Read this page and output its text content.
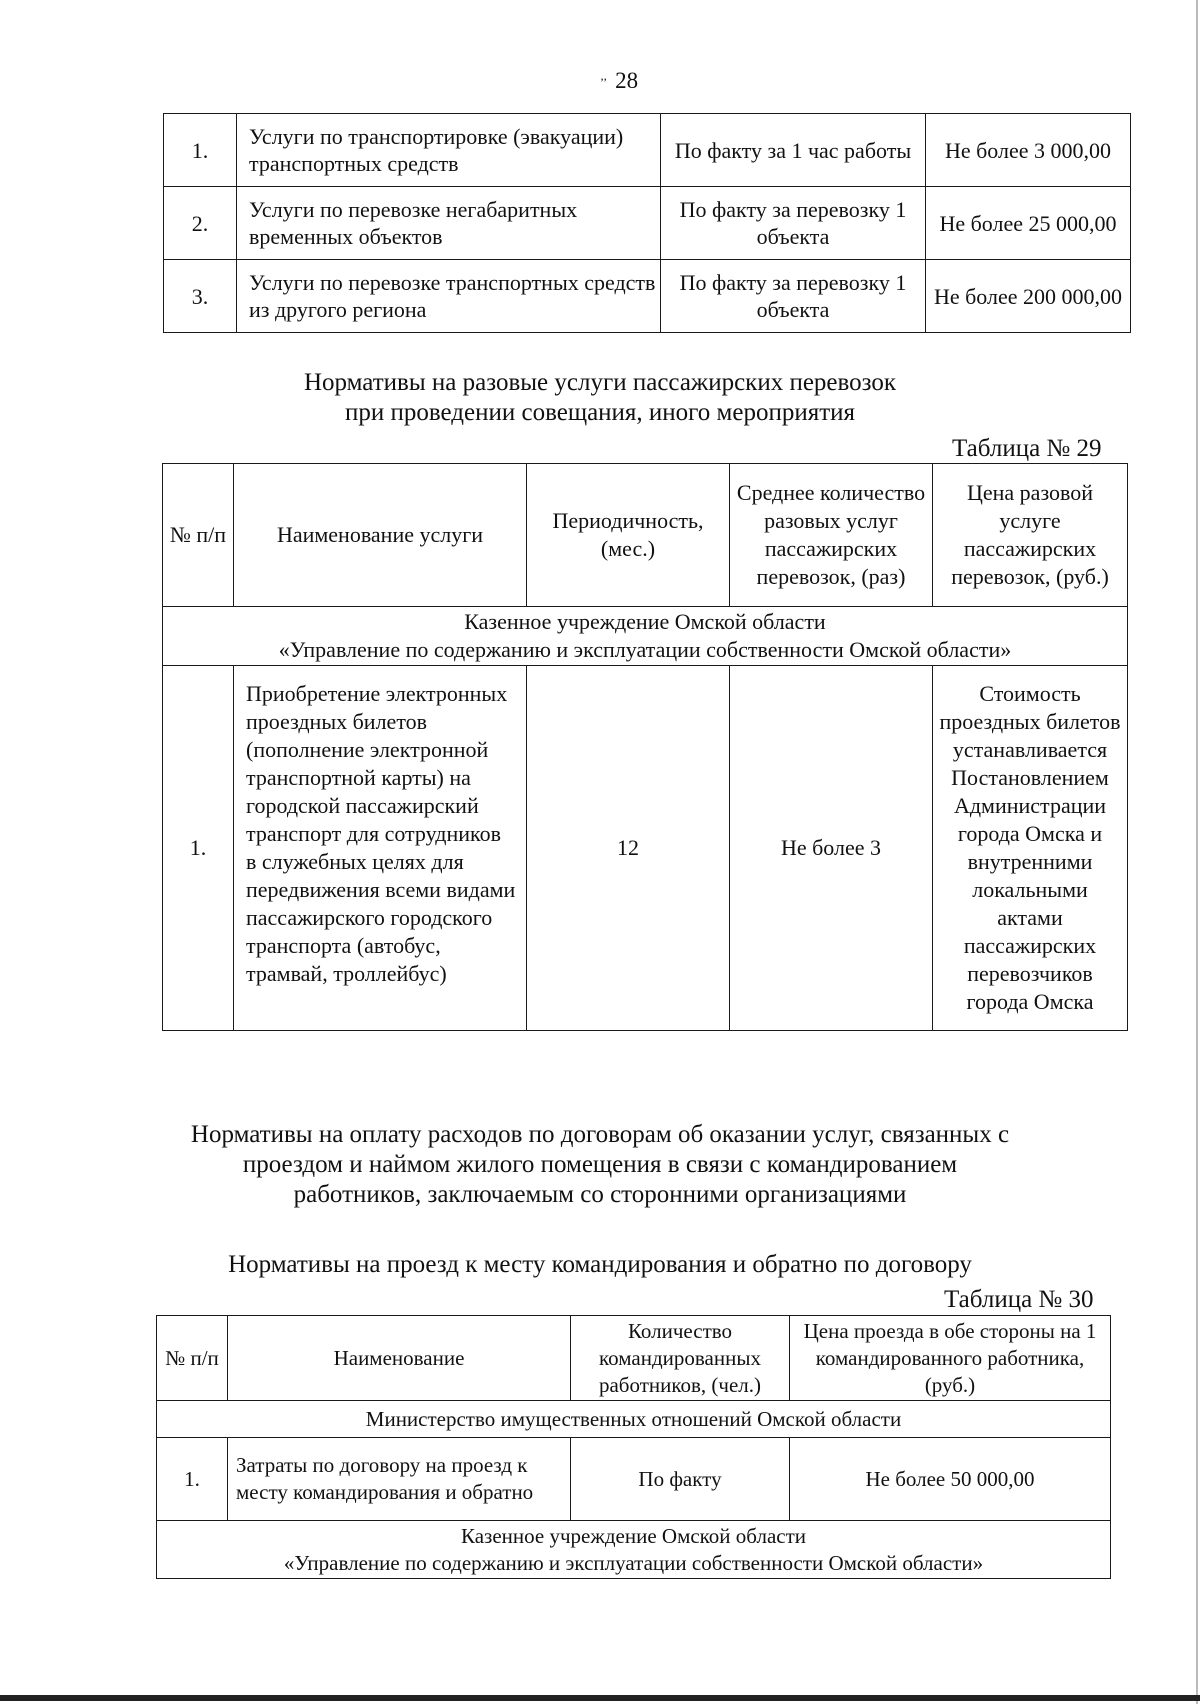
’’ 28
1.	Услуги по транспортировке (эвакуации) транспортных средств	По факту за 1 час работы	Не более 3 000,00
2.	Услуги по перевозке негабаритных временных объектов	По факту за перевозку 1 объекта	Не более 25 000,00
3.	Услуги по перевозке транспортных средств из другого региона	По факту за перевозку 1 объекта	Не более 200 000,00
Нормативы на разовые услуги пассажирских перевозок
при проведении совещания, иного мероприятия
Таблица № 29
№ п/п	Наименование услуги	Периодичность, (мес.)	Среднее количество разовых услуг пассажирских перевозок, (раз)	Цена разовой услуге пассажирских перевозок, (руб.)

Казенное учреждение Омской области
«Управление по содержанию и эксплуатации собственности Омской области»				

1.	Приобретение электронных проездных билетов (пополнение электронной транспортной карты) на городской пассажирский транспорт для сотрудников в служебных целях для передвижения всеми видами пассажирского городского транспорта (автобус, трамвай, троллейбус)	12	Не более 3	Стоимость проездных билетов устанавливается Постановлением Администрации города Омска и внутренними локальными актами пассажирских перевозчиков города Омска
Нормативы на оплату расходов по договорам об оказании услуг, связанных с
проездом и наймом жилого помещения в связи с командированием
работников, заключаемым со сторонними организациями
Нормативы на проезд к месту командирования и обратно по договору
Таблица № 30
№ п/п	Наименование	Количество командированных работников, (чел.)	Цена проезда в обе стороны на 1 командированного работника, (руб.)
Министерство имущественных отношений Омской области			
1.	Затраты по договору на проезд к месту командирования и обратно	По факту	Не более 50 000,00

Казенное учреждение Омской области
«Управление по содержанию и эксплуатации собственности Омской области»			
